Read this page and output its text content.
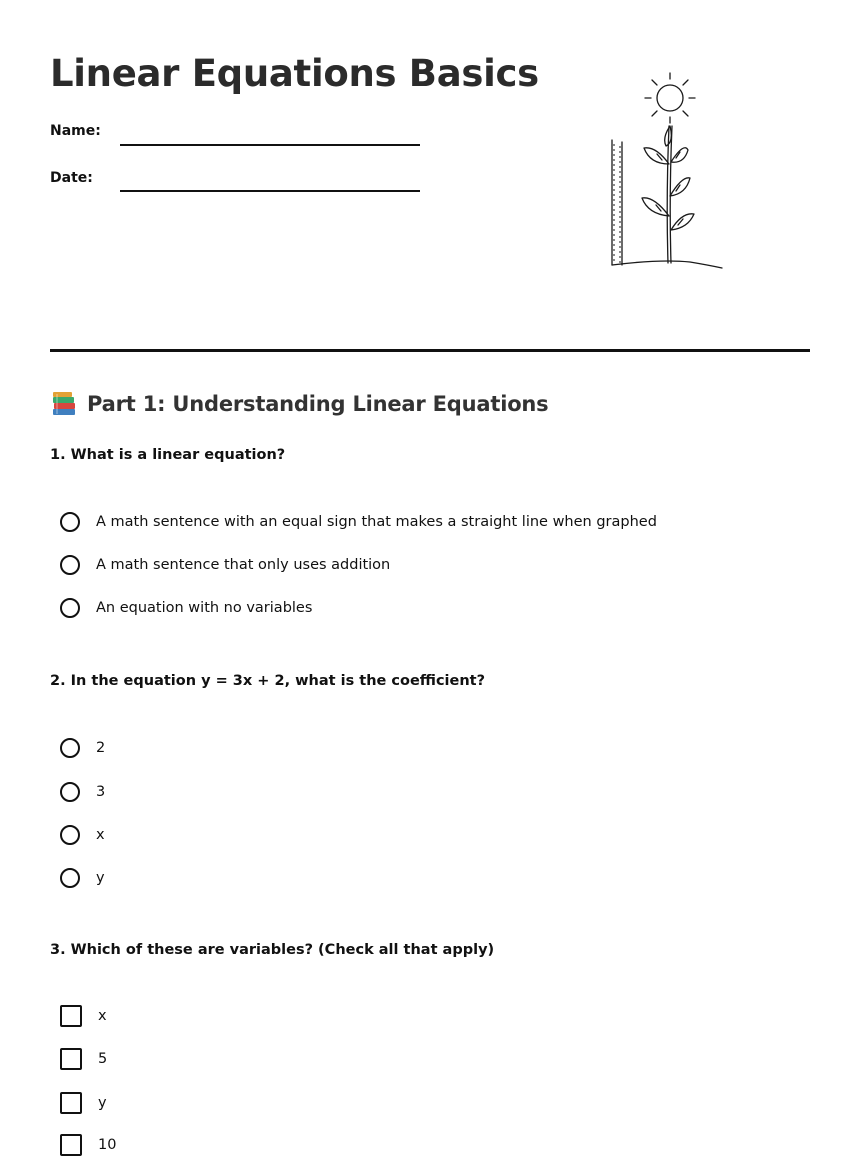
Linear Equations Basics
Name:
Date:
Part 1: Understanding Linear Equations
1. What is a linear equation?
A math sentence with an equal sign that makes a straight line when graphed
A math sentence that only uses addition
An equation with no variables
2. In the equation y = 3x + 2, what is the coefficient?
2
3
x
y
3. Which of these are variables? (Check all that apply)
x
5
y
10
